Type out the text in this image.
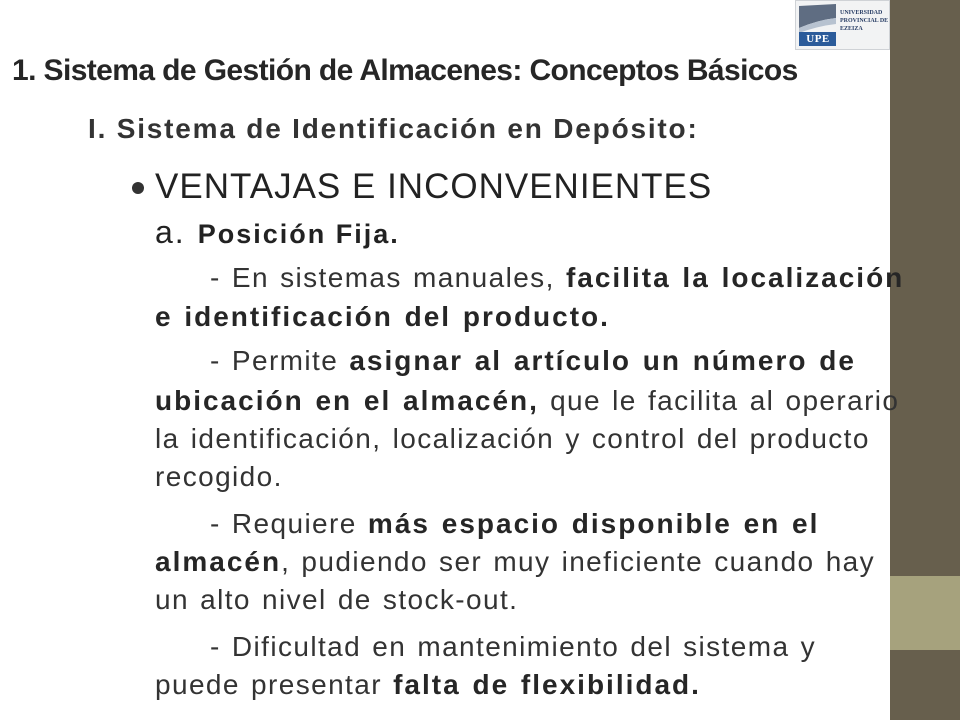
UPE
UNIVERSIDAD
PROVINCIAL DE
EZEIZA
1. Sistema de Gestión de Almacenes: Conceptos Básicos
I. Sistema de Identificación en Depósito:
VENTAJAS E INCONVENIENTES
a. Posición Fija.
- En sistemas manuales, facilita la localización
e identificación del producto.
- Permite asignar al artículo un número de
ubicación en el almacén, que le facilita al operario
la identificación, localización y control del producto
recogido.
- Requiere más espacio disponible en el
almacén, pudiendo ser muy ineficiente cuando hay
un alto nivel de stock-out.
- Dificultad en mantenimiento del sistema y
puede presentar falta de flexibilidad.
